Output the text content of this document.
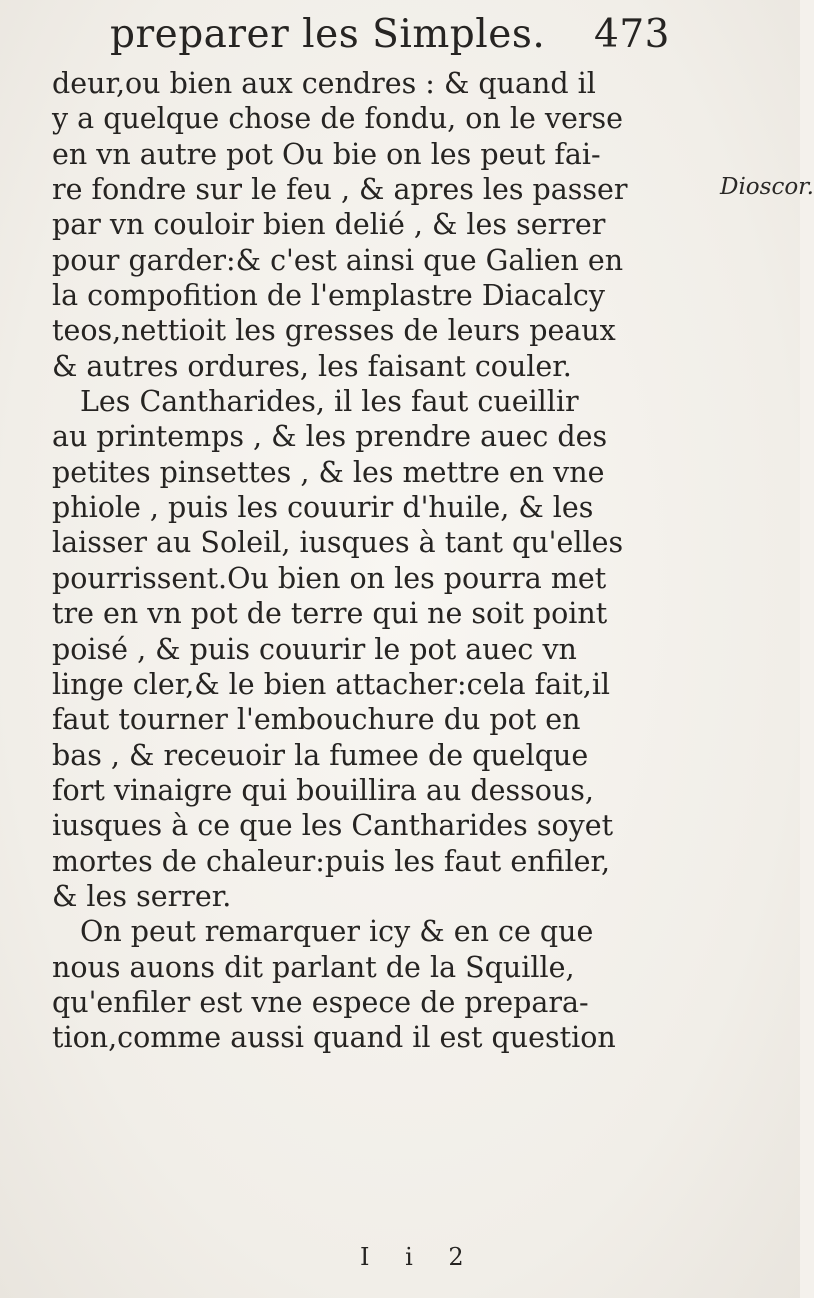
preparer les Simples. 473
Dioscor.
deur,ou bien aux cendres : & quand il
y a quelque chose de fondu, on le verse
en vn autre pot Ou bie on les peut fai-
re fondre sur le feu , & apres les passer
par vn couloir bien delié , & les serrer
pour garder:& c'est ainsi que Galien en
la compofition de l'emplastre Diacalcy
teos,nettioit les gresses de leurs peaux
& autres ordures, les faisant couler.
Les Cantharides, il les faut cueillir
au printemps , & les prendre auec des
petites pinsettes , & les mettre en vne
phiole , puis les couurir d'huile, & les
laisser au Soleil, iusques à tant qu'elles
pourrissent.Ou bien on les pourra met
tre en vn pot de terre qui ne soit point
poisé , & puis couurir le pot auec vn
linge cler,& le bien attacher:cela fait,il
faut tourner l'embouchure du pot en
bas , & receuoir la fumee de quelque
fort vinaigre qui bouillira au dessous,
iusques à ce que les Cantharides soyet
mortes de chaleur:puis les faut enfiler,
& les serrer.
On peut remarquer icy & en ce que
nous auons dit parlant de la Squille,
qu'enfiler est vne espece de prepara-
tion,comme aussi quand il est question
I i 2
